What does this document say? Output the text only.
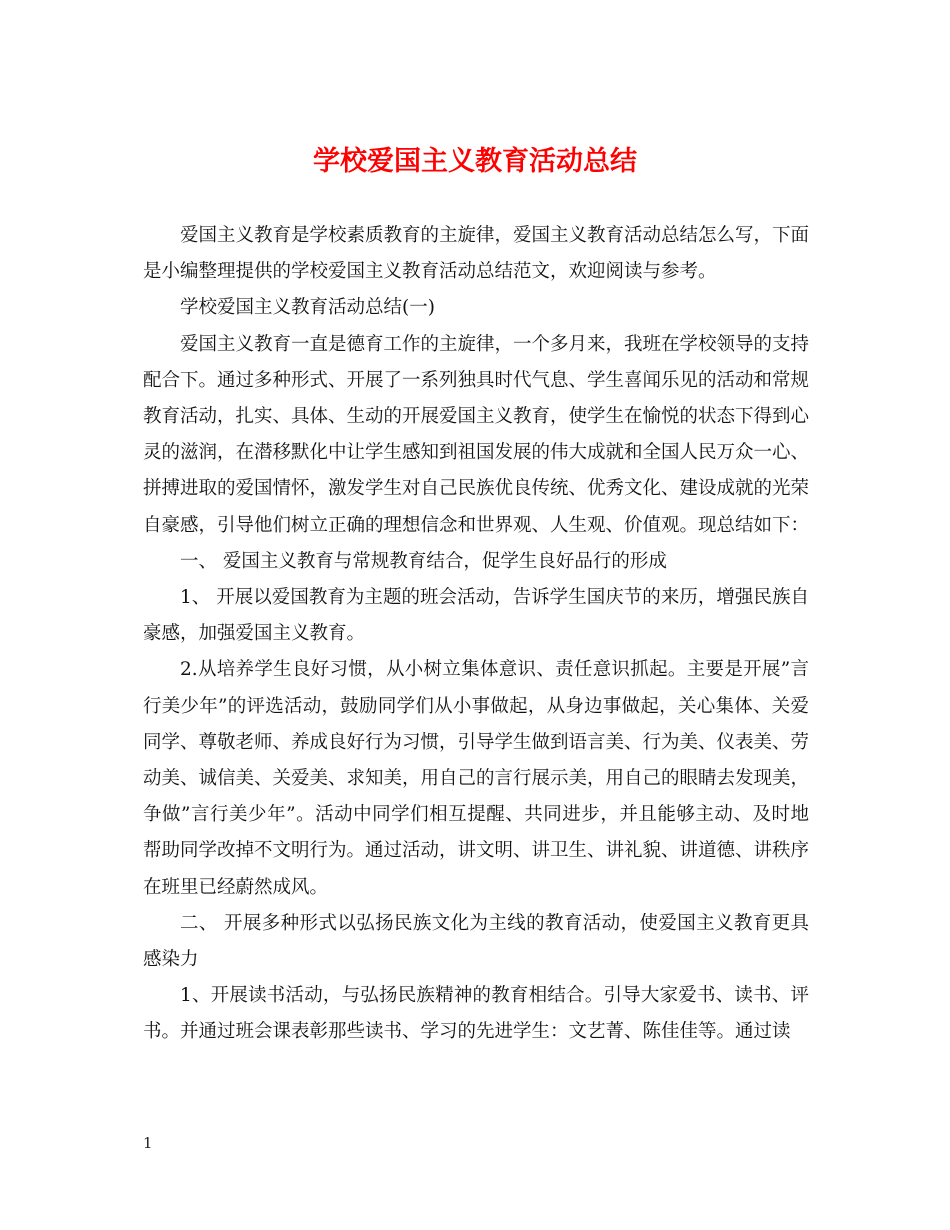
学校爱国主义教育活动总结

爱国主义教育是学校素质教育的主旋律，爱国主义教育活动总结怎么写，下面是小编整理提供的学校爱国主义教育活动总结范文，欢迎阅读与参考。

学校爱国主义教育活动总结(一)

爱国主义教育一直是德育工作的主旋律，一个多月来，我班在学校领导的支持配合下。通过多种形式、开展了一系列独具时代气息、学生喜闻乐见的活动和常规教育活动，扎实、具体、生动的开展爱国主义教育，使学生在愉悦的状态下得到心灵的滋润，在潜移默化中让学生感知到祖国发展的伟大成就和全国人民万众一心、拼搏进取的爱国情怀，激发学生对自己民族优良传统、优秀文化、建设成就的光荣自豪感，引导他们树立正确的理想信念和世界观、人生观、价值观。现总结如下：

一、 爱国主义教育与常规教育结合，促学生良好品行的形成

1、 开展以爱国教育为主题的班会活动，告诉学生国庆节的来历，增强民族自豪感，加强爱国主义教育。

2.从培养学生良好习惯，从小树立集体意识、责任意识抓起。主要是开展”言行美少年”的评选活动，鼓励同学们从小事做起，从身边事做起，关心集体、关爱同学、尊敬老师、养成良好行为习惯，引导学生做到语言美、行为美、仪表美、劳动美、诚信美、关爱美、求知美，用自己的言行展示美，用自己的眼睛去发现美，争做”言行美少年”。活动中同学们相互提醒、共同进步，并且能够主动、及时地帮助同学改掉不文明行为。通过活动，讲文明、讲卫生、讲礼貌、讲道德、讲秩序在班里已经蔚然成风。

二、 开展多种形式以弘扬民族文化为主线的教育活动，使爱国主义教育更具感染力

1、开展读书活动，与弘扬民族精神的教育相结合。引导大家爱书、读书、评书。并通过班会课表彰那些读书、学习的先进学生：文艺菁、陈佳佳等。通过读

1
